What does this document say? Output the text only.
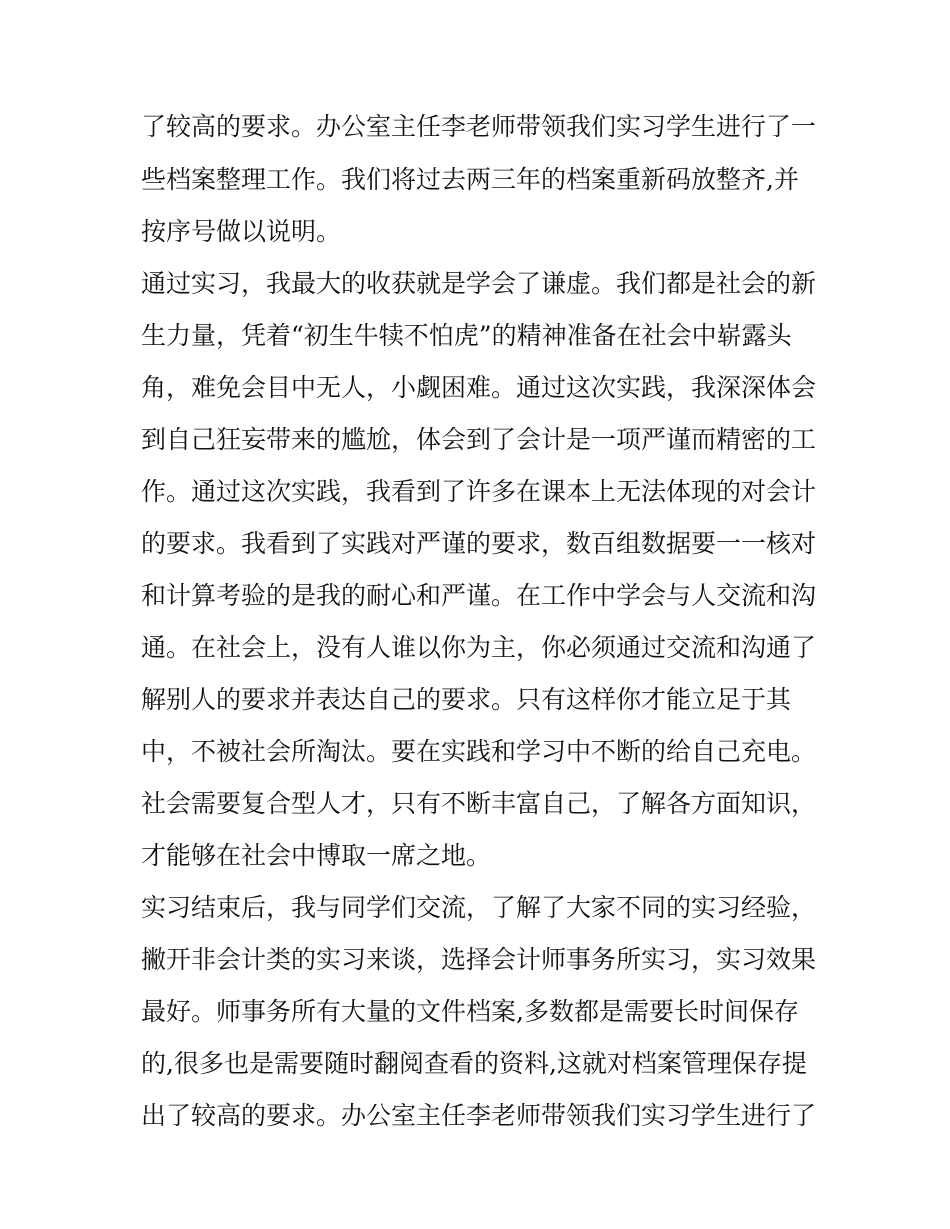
了较高的要求。办公室主任李老师带领我们实习学生进行了一
些档案整理工作。我们将过去两三年的档案重新码放整齐,并
按序号做以说明。
通过实习，我最大的收获就是学会了谦虚。我们都是社会的新
生力量，凭着“初生牛犊不怕虎”的精神准备在社会中崭露头
角，难免会目中无人，小觑困难。通过这次实践，我深深体会
到自己狂妄带来的尴尬，体会到了会计是一项严谨而精密的工
作。通过这次实践，我看到了许多在课本上无法体现的对会计
的要求。我看到了实践对严谨的要求，数百组数据要一一核对
和计算考验的是我的耐心和严谨。在工作中学会与人交流和沟
通。在社会上，没有人谁以你为主，你必须通过交流和沟通了
解别人的要求并表达自己的要求。只有这样你才能立足于其
中，不被社会所淘汰。要在实践和学习中不断的给自己充电。
社会需要复合型人才，只有不断丰富自己，了解各方面知识，
才能够在社会中博取一席之地。
实习结束后，我与同学们交流，了解了大家不同的实习经验，
撇开非会计类的实习来谈，选择会计师事务所实习，实习效果
最好。师事务所有大量的文件档案,多数都是需要长时间保存
的,很多也是需要随时翻阅查看的资料,这就对档案管理保存提
出了较高的要求。办公室主任李老师带领我们实习学生进行了
